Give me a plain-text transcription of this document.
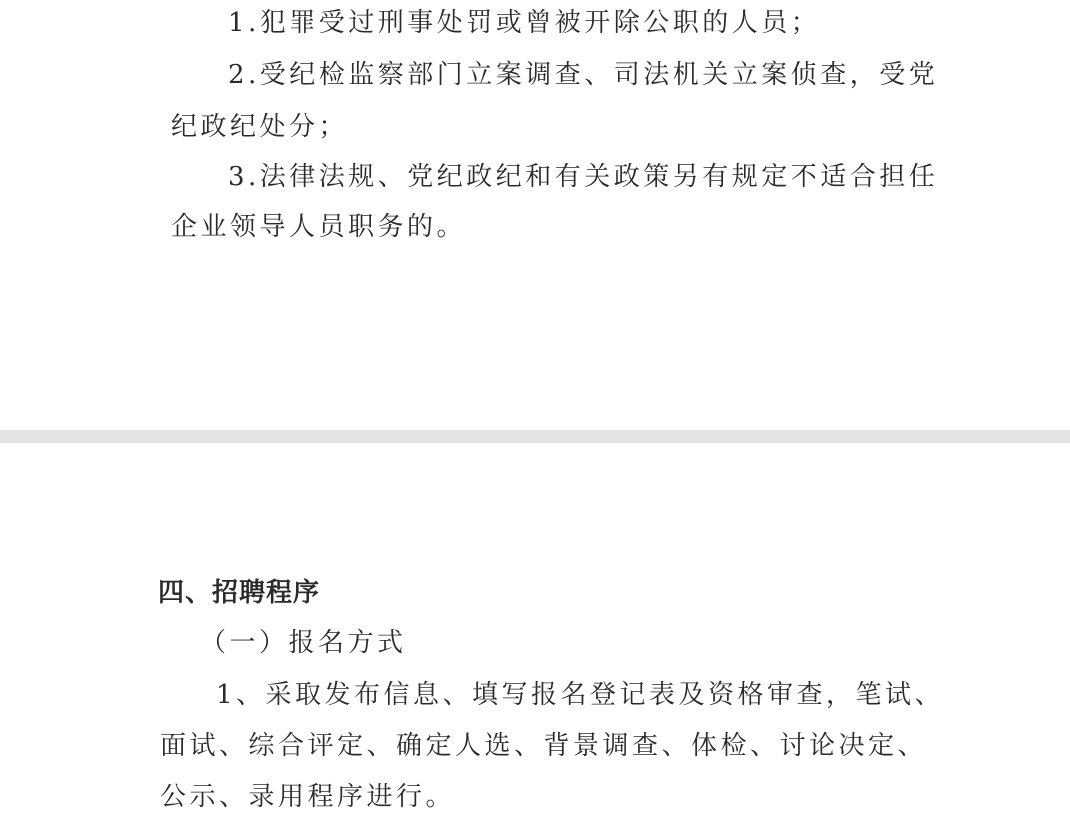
1.犯罪受过刑事处罚或曾被开除公职的人员；
2.受纪检监察部门立案调查、司法机关立案侦查，受党
纪政纪处分；
3.法律法规、党纪政纪和有关政策另有规定不适合担任
企业领导人员职务的。
四、招聘程序
（一）报名方式
1、采取发布信息、填写报名登记表及资格审查，笔试、
面试、综合评定、确定人选、背景调查、体检、讨论决定、
公示、录用程序进行。
